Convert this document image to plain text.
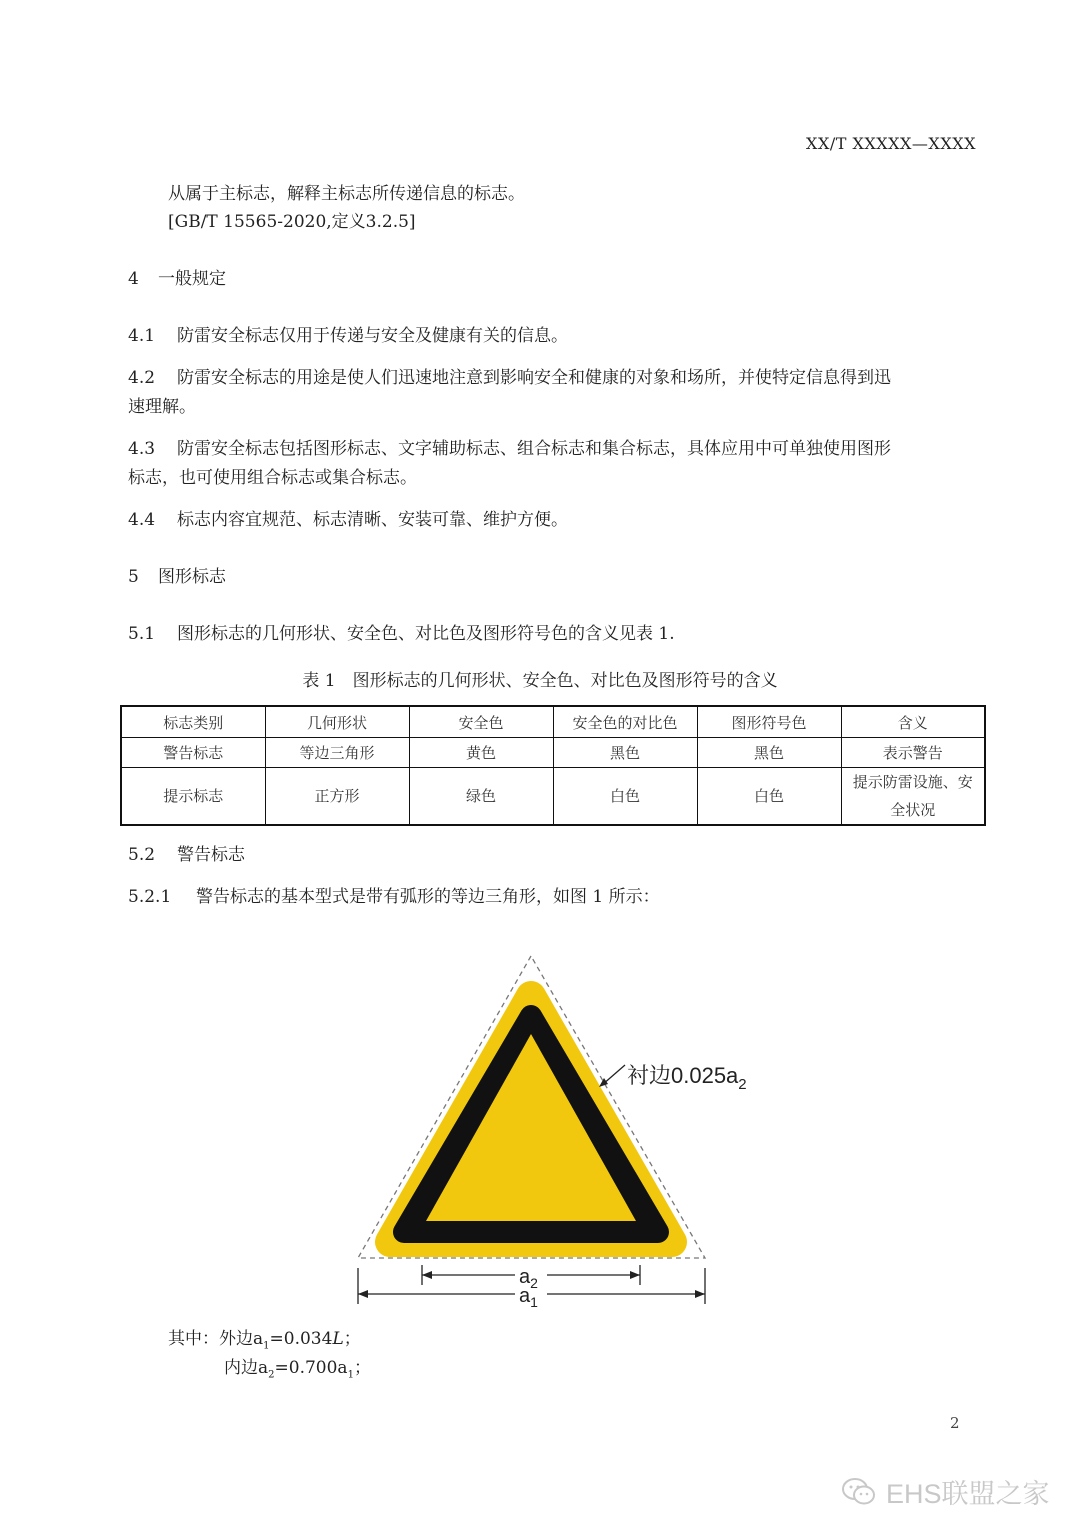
XX/T XXXXX—XXXX
从属于主标志，解释主标志所传递信息的标志。
[GB/T 15565-2020,定义3.2.5]
4 一般规定
4.1 防雷安全标志仅用于传递与安全及健康有关的信息。
4.2 防雷安全标志的用途是使人们迅速地注意到影响安全和健康的对象和场所，并使特定信息得到迅
速理解。
4.3 防雷安全标志包括图形标志、文字辅助标志、组合标志和集合标志，具体应用中可单独使用图形
标志，也可使用组合标志或集合标志。
4.4 标志内容宜规范、标志清晰、安装可靠、维护方便。
5 图形标志
5.1 图形标志的几何形状、安全色、对比色及图形符号色的含义见表 1.
表 1　图形标志的几何形状、安全色、对比色及图形符号的含义
标志类别	几何形状	安全色	安全色的对比色	图形符号色	含义
警告标志	等边三角形	黄色	黑色	黑色	表示警告
提示标志	正方形	绿色	白色	白色	提示防雷设施、安全状况
5.2 警告标志
5.2.1 警告标志的基本型式是带有弧形的等边三角形，如图 1 所示：
衬边$0.025a_2$
$a_2$
$a_1$
其中：外边$a_1=0.034L$；
内边$a_2=0.700a_1$；
2
EHS联盟之家
